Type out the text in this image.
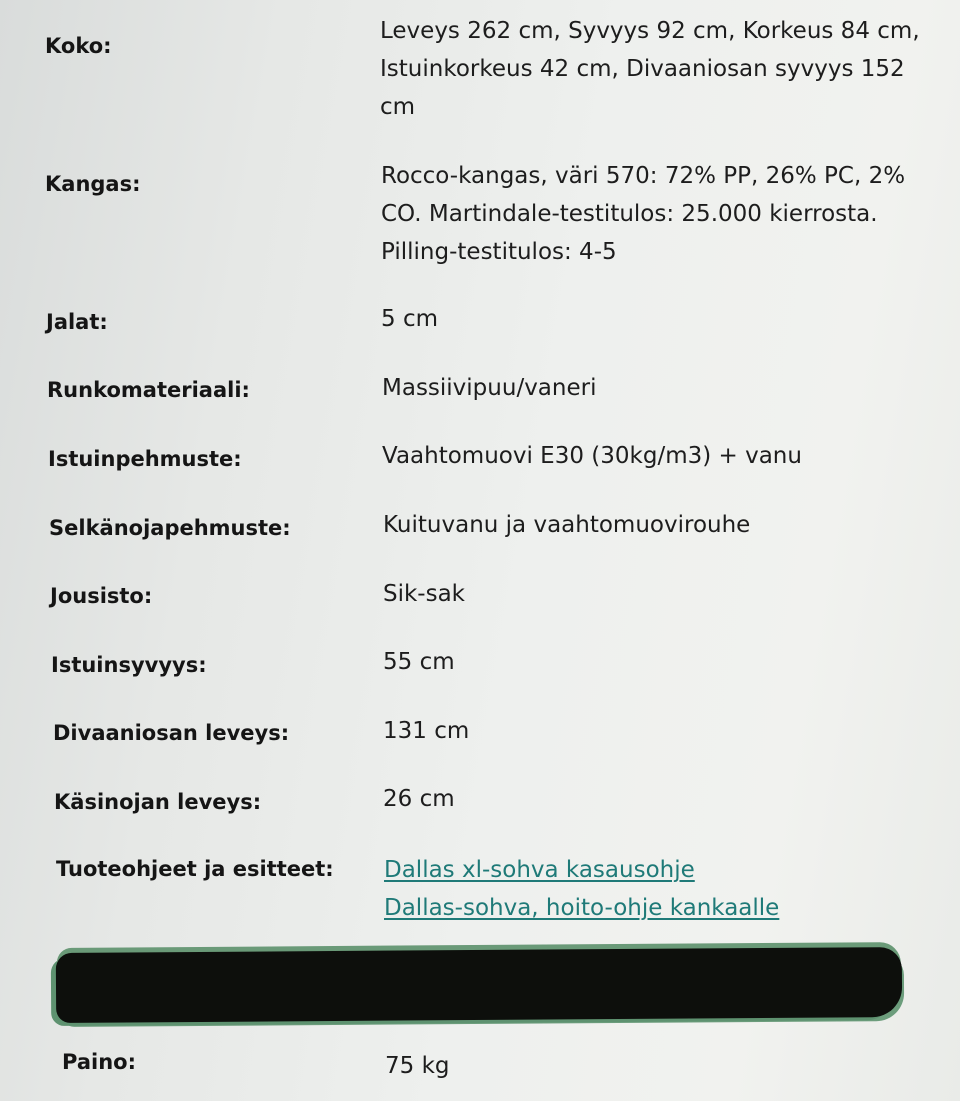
Koko:
Leveys 262 cm, Syvyys 92 cm, Korkeus 84 cm, Istuinkorkeus 42 cm, Divaaniosan syvyys 152 cm
Kangas:	Rocco-kangas, väri 570: 72% PP, 26% PC, 2% CO. Martindale-testitulos: 25.000 kierrosta. Pilling-testitulos: 4-5
Jalat:	5 cm
Runkomateriaali:	Massiivipuu/vaneri
Istuinpehmuste:	Vaahtomuovi E30 (30kg/m3) + vanu
Selkänojapehmuste:	Kuituvanu ja vaahtomuovirouhe
Jousisto:	Sik-sak
Istuinsyvyys:	55 cm
Divaaniosan leveys:	131 cm
Käsinojan leveys:	26 cm
Tuoteohjeet ja esitteet: Dallas xl-sohva kasausohje
Dallas-sohva, hoito-ohje kankaalle
Paino:	75 kg
